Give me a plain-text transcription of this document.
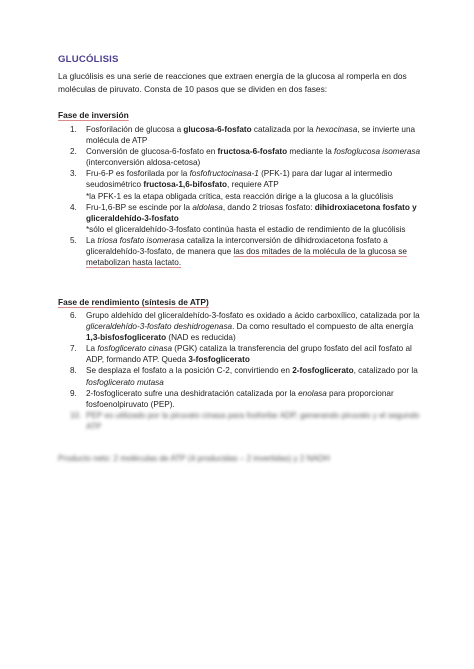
GLUCÓLISIS

La glucólisis es una serie de reacciones que extraen energía de la glucosa al romperla en dos moléculas de piruvato. Consta de 10 pasos que se dividen en dos fases:

Fase de inversión
1. Fosforilación de glucosa a glucosa-6-fosfato catalizada por la hexocinasa, se invierte una molécula de ATP
2. Conversión de glucosa-6-fosfato en fructosa-6-fosfato mediante la fosfoglucosa isomerasa (interconversión aldosa-cetosa)
3. Fru-6-P es fosforilada por la fosfofructocinasa-1 (PFK-1) para dar lugar al intermedio seudosimétrico fructosa-1,6-bifosfato, requiere ATP
*la PFK-1 es la etapa obligada crítica, esta reacción dirige a la glucosa a la glucólisis
4. Fru-1,6-BP se escinde por la aldolasa, dando 2 triosas fosfato: dihidroxiacetona fosfato y gliceraldehído-3-fosfato
*sólo el gliceraldehído-3-fosfato continúa hasta el estadio de rendimiento de la glucólisis
5. La triosa fosfato isomerasa cataliza la interconversión de dihidroxiacetona fosfato a gliceraldehído-3-fosfato, de manera que las dos mitades de la molécula de la glucosa se metabolizan hasta lactato.
Fase de rendimiento (síntesis de ATP)
6. Grupo aldehído del gliceraldehído-3-fosfato es oxidado a ácido carboxílico, catalizada por la gliceraldehído-3-fosfato deshidrogenasa. Da como resultado el compuesto de alta energía 1,3-bisfosfoglicerato (NAD es reducida)
7. La fosfoglicerato cinasa (PGK) cataliza la transferencia del grupo fosfato del acil fosfato al ADP, formando ATP. Queda 3-fosfoglicerato
8. Se desplaza el fosfato a la posición C-2, convirtiendo en 2-fosfoglicerato, catalizado por la fosfoglicerato mutasa
9. 2-fosfoglicerato sufre una deshidratación catalizada por la enolasa para proporcionar fosfoenolpiruvato (PEP).
10. PEP es utilizado por la piruvato cinasa para fosforilar ADP, generando piruvato y el segundo ATP
Producto neto: 2 moléculas de ATP (4 producidas – 2 invertidas) y 2 NADH
